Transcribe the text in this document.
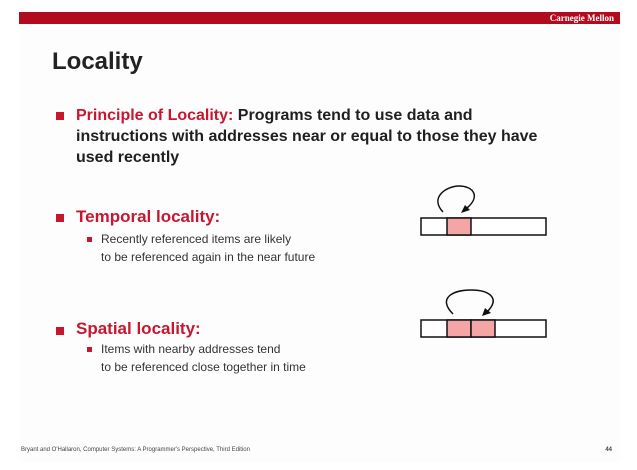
Carnegie Mellon
Locality
Principle of Locality: Programs tend to use data and instructions with addresses near or equal to those they have used recently
Temporal locality:
Recently referenced items are likely
to be referenced again in the near future
Spatial locality:
Items with nearby addresses tend
to be referenced close together in time
Bryant and O'Hallaron, Computer Systems: A Programmer's Perspective, Third Edition	44
